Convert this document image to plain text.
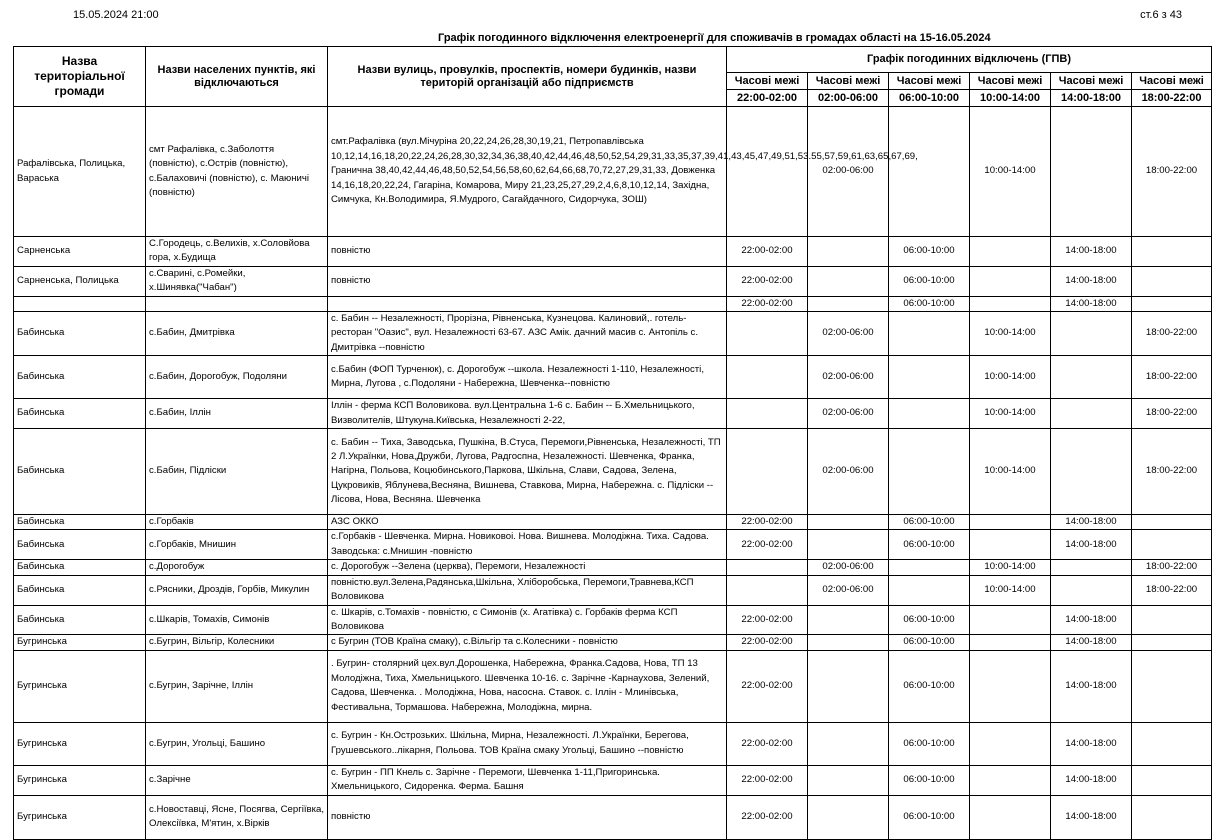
15.05.2024 21:00	ст.6 з 43
Графік погодинного відключення електроенергії для споживачів в громадах області на 15-16.05.2024
Назва територіальної громади	Назви населених пунктів, які відключаються	Назви вулиць, провулків, проспектів, номери будинків, назви територій організацій або підприємств	Графік погодинних відключень (ГПВ)					
			Часові межі	Часові межі	Часові межі	Часові межі	Часові межі	Часові межі
			22:00-02:00	02:00-06:00	06:00-10:00	10:00-14:00	14:00-18:00	18:00-22:00
Рафалівська, Полицька, Вараська	смт Рафалівка, с.Заболоття (повністю), с.Острів (повністю), с.Балаховичі (повністю), с. Маюничі (повністю)	смт.Рафалівка (вул.Мічуріна 20,22,24,26,28,30,19,21, Петропавлівська 10,12,14,16,18,20,22,24,26,28,30,32,34,36,38,40,42,44,46,48,50,52,54,29,31,33,35,37,39,41,43,45,47,49,51,53.55,57,59,61,63,65,67,69, Гранична 38,40,42,44,46,48,50,52,54,56,58,60,62,64,66,68,70,72,27,29,31,33, Довженка 14,16,18,20,22,24, Гагаріна, Комарова, Миру 21,23,25,27,29,2,4,6,8,10,12,14, Західна, Симчука, Кн.Володимира, Я.Мудрого, Сагайдачного, Сидорчука, ЗОШ)		02:00-06:00		10:00-14:00		18:00-22:00
Сарненська	С.Городець, с.Велихів, х.Соловйова гора, х.Будища	повністю	22:00-02:00		06:00-10:00		14:00-18:00	
Сарненська, Полицька	с.Сварині, с.Ромейки, х.Шинявка("Чабан")	повністю	22:00-02:00		06:00-10:00		14:00-18:00	
			22:00-02:00		06:00-10:00		14:00-18:00	
Бабинська	с.Бабин, Дмитрівка	с. Бабин -- Незалежності, Прорізна, Рівненська, Кузнецова. Калиновий,. готель-ресторан "Оазис", вул. Незалежності 63-67. АЗС Амік. дачний масив с. Антопіль с. Дмитрівка --повністю		02:00-06:00		10:00-14:00		18:00-22:00
Бабинська	с.Бабин, Дорогобуж, Подоляни	с.Бабин (ФОП Турченюк), с. Дорогобуж --школа. Незалежності 1-110, Незалежності, Мирна, Лугова , с.Подоляни - Набережна, Шевченка--повністю		02:00-06:00		10:00-14:00		18:00-22:00
Бабинська	с.Бабин, Іллін	Іллін - ферма КСП Воловикова. вул.Центральна 1-6 с. Бабин -- Б.Хмельницького, Визволителів, Штукуна.Київська, Незалежності 2-22,		02:00-06:00		10:00-14:00		18:00-22:00
Бабинська	с.Бабин, Підліски	с. Бабин -- Тиха, Заводська, Пушкіна, В.Стуса, Перемоги,Рівненська, Незалежності, ТП 2 Л.Українки, Нова,Дружби, Лугова, Радгоспна, Незалежності. Шевченка, Франка, Нагірна, Польова, Коцюбинського,Паркова, Шкільна, Слави, Садова, Зелена, Цукровиків, Яблунева,Весняна, Вишнева, Ставкова, Мирна, Набережна. с. Підліски -- Лісова, Нова, Весняна. Шевченка		02:00-06:00		10:00-14:00		18:00-22:00
Бабинська	с.Горбаків	АЗС ОККО	22:00-02:00		06:00-10:00		14:00-18:00	
Бабинська	с.Горбаків, Мнишин	с.Горбаків - Шевченка. Мирна. Новиковоі. Нова. Вишнева. Молодіжна. Тиха. Садова. Заводська: с.Мнишин -повністю	22:00-02:00		06:00-10:00		14:00-18:00	
Бабинська	с.Дорогобуж	с. Дорогобуж --Зелена (церква), Перемоги, Незалежності		02:00-06:00		10:00-14:00		18:00-22:00
Бабинська	с.Рясники, Дроздів, Горбів, Микулин	повністю.вул.Зелена,Радянська,Шкільна, Хліборобська, Перемоги,Травнева,КСП Воловикова		02:00-06:00		10:00-14:00		18:00-22:00
Бабинська	с.Шкарів, Томахів, Симонів	с. Шкарів, с.Томахів - повністю, с Симонів (х. Агатівка) с. Горбаків ферма КСП Воловикова	22:00-02:00		06:00-10:00		14:00-18:00	
Бугринська	с.Бугрин, Вільгір, Колесники	с Бугрин (ТОВ Країна смаку), с.Вільгір та с.Колесники - повністю	22:00-02:00		06:00-10:00		14:00-18:00	
Бугринська	с.Бугрин, Зарічне, Іллін	. Бугрин- столярний цех.вул.Дорошенка, Набережна, Франка.Садова, Нова, ТП 13 Молодіжна, Тиха, Хмельницького. Шевченка 10-16. с. Зарічне -Карнаухова, Зелений, Садова, Шевченка. . Молодіжна, Нова, насосна. Ставок. с. Іллін - Млинівська, Фестивальна, Тормашова. Набережна, Молодіжна, мирна.	22:00-02:00		06:00-10:00		14:00-18:00	
Бугринська	с.Бугрин, Угольці, Башино	с. Бугрин - Кн.Острозьких. Шкільна, Мирна, Незалежності. Л.Українки, Берегова, Грушевського..лікарня, Польова. ТОВ Країна смаку Угольці, Башино --повністю	22:00-02:00		06:00-10:00		14:00-18:00	
Бугринська	с.Зарічне	с. Бугрин - ПП Кнель с. Зарічне - Перемоги, Шевченка 1-11,Пригоринська. Хмельницького, Сидоренка. Ферма. Башня	22:00-02:00		06:00-10:00		14:00-18:00	
Бугринська	с.Новоставці, Ясне, Посягва, Сергіївка, Олексіївка, М'ятин, х.Вірків	повністю	22:00-02:00		06:00-10:00		14:00-18:00	
